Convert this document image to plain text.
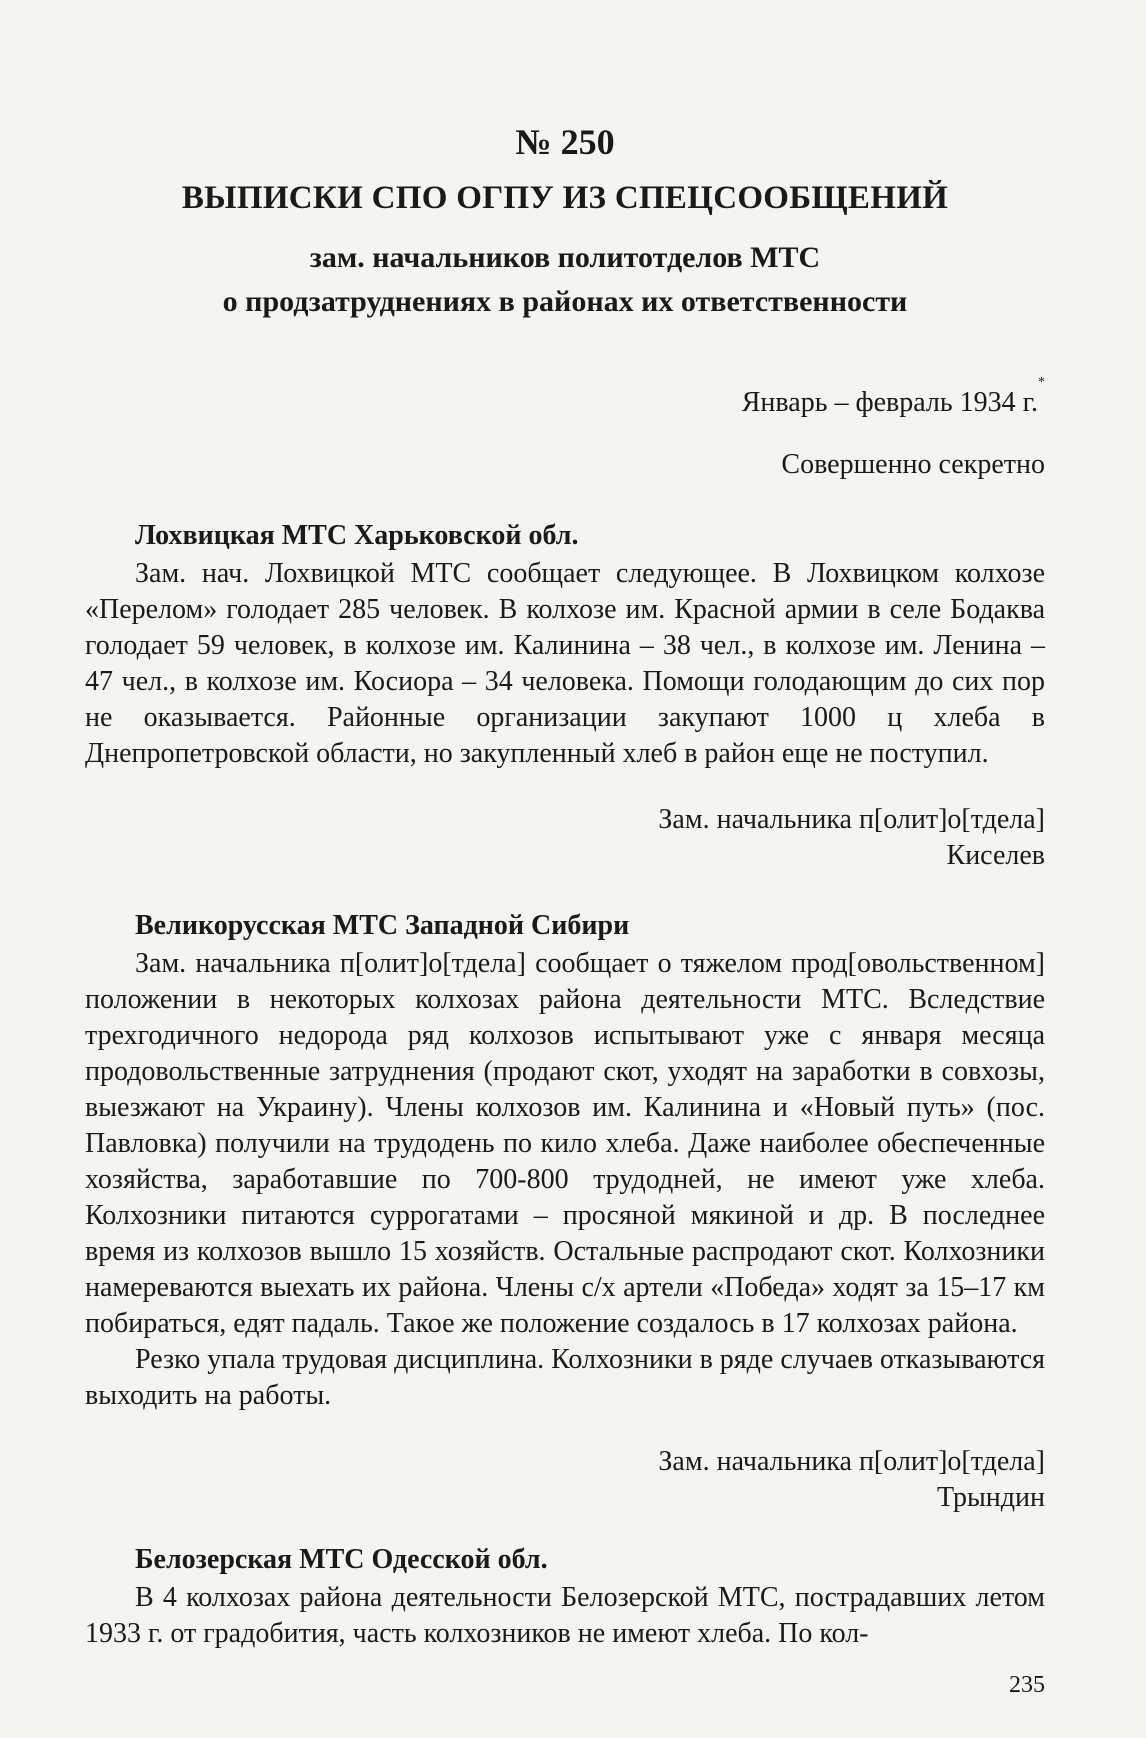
№ 250
ВЫПИСКИ СПО ОГПУ ИЗ СПЕЦСООБЩЕНИЙ
зам. начальников политотделов МТС
о продзатруднениях в районах их ответственности
Январь – февраль 1934 г.*
Совершенно секретно
Лохвицкая МТС Харьковской обл.

Зам. нач. Лохвицкой МТС сообщает следующее. В Лохвицком колхозе «Перелом» голодает 285 человек. В колхозе им. Красной армии в селе Бодаква голодает 59 человек, в колхозе им. Калинина – 38 чел., в колхозе им. Ленина – 47 чел., в колхозе им. Косиора – 34 человека. Помощи голодающим до сих пор не оказывается. Районные организации закупают 1000 ц хлеба в Днепропетровской области, но закупленный хлеб в район еще не поступил.

Зам. начальника п[олит]о[тдела]
Киселев
Великорусская МТС Западной Сибири

Зам. начальника п[олит]о[тдела] сообщает о тяжелом прод[овольственном] положении в некоторых колхозах района деятельности МТС. Вследствие трехгодичного недорода ряд колхозов испытывают уже с января месяца продовольственные затруднения (продают скот, уходят на заработки в совхозы, выезжают на Украину). Члены колхозов им. Калинина и «Новый путь» (пос. Павловка) получили на трудодень по кило хлеба. Даже наиболее обеспеченные хозяйства, заработавшие по 700-800 трудодней, не имеют уже хлеба. Колхозники питаются суррогатами – просяной мякиной и др. В последнее время из колхозов вышло 15 хозяйств. Остальные распродают скот. Колхозники намереваются выехать их района. Члены с/х артели «Победа» ходят за 15–17 км побираться, едят падаль. Такое же положение создалось в 17 колхозах района.

Резко упала трудовая дисциплина. Колхозники в ряде случаев отказываются выходить на работы.

Зам. начальника п[олит]о[тдела]
Трындин
Белозерская МТС Одесской обл.

В 4 колхозах района деятельности Белозерской МТС, пострадавших летом 1933 г. от градобития, часть колхозников не имеют хлеба. По кол-

235
